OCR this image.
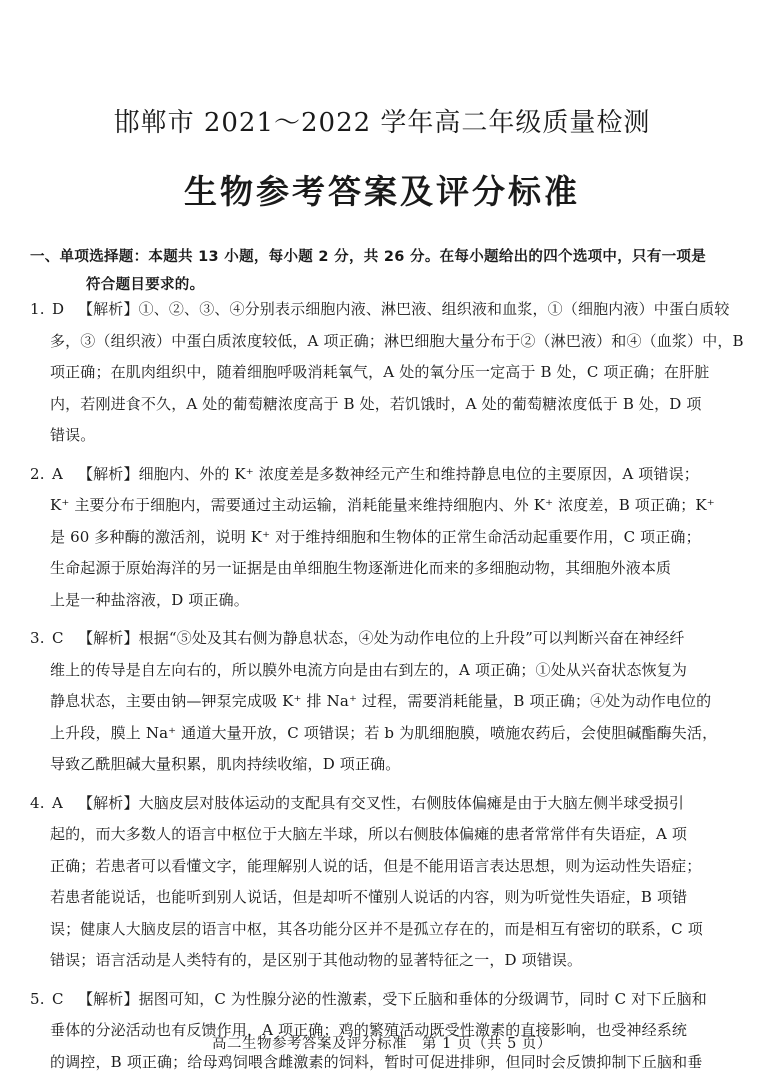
邯郸市 2021～2022 学年高二年级质量检测
生物参考答案及评分标准
一、单项选择题：本题共 13 小题，每小题 2 分，共 26 分。在每小题给出的四个选项中，只有一项是
符合题目要求的。
1. D 【解析】①、②、③、④分别表示细胞内液、淋巴液、组织液和血浆，①（细胞内液）中蛋白质较
多，③（组织液）中蛋白质浓度较低，A 项正确；淋巴细胞大量分布于②（淋巴液）和④（血浆）中，B
项正确；在肌肉组织中，随着细胞呼吸消耗氧气，A 处的氧分压一定高于 B 处，C 项正确；在肝脏
内，若刚进食不久，A 处的葡萄糖浓度高于 B 处，若饥饿时，A 处的葡萄糖浓度低于 B 处，D 项
错误。
2. A 【解析】细胞内、外的 K⁺ 浓度差是多数神经元产生和维持静息电位的主要原因，A 项错误；
K⁺ 主要分布于细胞内，需要通过主动运输，消耗能量来维持细胞内、外 K⁺ 浓度差，B 项正确；K⁺
是 60 多种酶的激活剂，说明 K⁺ 对于维持细胞和生物体的正常生命活动起重要作用，C 项正确；
生命起源于原始海洋的另一证据是由单细胞生物逐渐进化而来的多细胞动物，其细胞外液本质
上是一种盐溶液，D 项正确。
3. C 【解析】根据“⑤处及其右侧为静息状态，④处为动作电位的上升段”可以判断兴奋在神经纤
维上的传导是自左向右的，所以膜外电流方向是由右到左的，A 项正确；①处从兴奋状态恢复为
静息状态，主要由钠—钾泵完成吸 K⁺ 排 Na⁺ 过程，需要消耗能量，B 项正确；④处为动作电位的
上升段，膜上 Na⁺ 通道大量开放，C 项错误；若 b 为肌细胞膜，喷施农药后，会使胆碱酯酶失活，
导致乙酰胆碱大量积累，肌肉持续收缩，D 项正确。
4. A 【解析】大脑皮层对肢体运动的支配具有交叉性，右侧肢体偏瘫是由于大脑左侧半球受损引
起的，而大多数人的语言中枢位于大脑左半球，所以右侧肢体偏瘫的患者常常伴有失语症，A 项
正确；若患者可以看懂文字，能理解别人说的话，但是不能用语言表达思想，则为运动性失语症；
若患者能说话，也能听到别人说话，但是却听不懂别人说话的内容，则为听觉性失语症，B 项错
误；健康人大脑皮层的语言中枢，其各功能分区并不是孤立存在的，而是相互有密切的联系，C 项
错误；语言活动是人类特有的，是区别于其他动物的显著特征之一，D 项错误。
5. C 【解析】据图可知，C 为性腺分泌的性激素，受下丘脑和垂体的分级调节，同时 C 对下丘脑和
垂体的分泌活动也有反馈作用，A 项正确；鸡的繁殖活动既受性激素的直接影响，也受神经系统
的调控，B 项正确；给母鸡饲喂含雌激素的饲料，暂时可促进排卵，但同时会反馈抑制下丘脑和垂
高二生物参考答案及评分标准　第 1 页（共 5 页）
